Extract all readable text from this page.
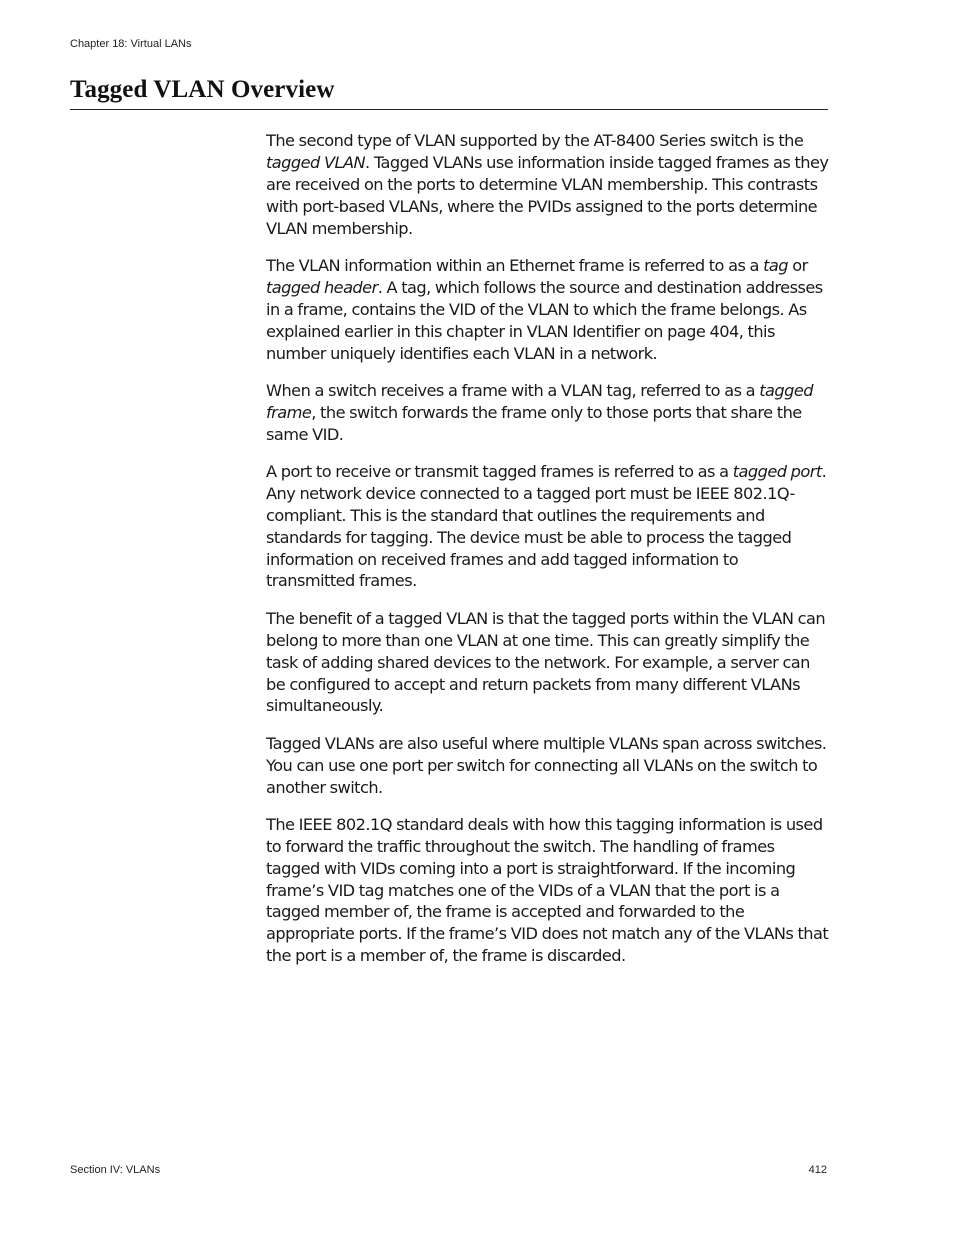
Chapter 18: Virtual LANs
Tagged VLAN Overview

The second type of VLAN supported by the AT-8400 Series switch is the tagged VLAN. Tagged VLANs use information inside tagged frames as they are received on the ports to determine VLAN membership. This contrasts with port-based VLANs, where the PVIDs assigned to the ports determine VLAN membership.

The VLAN information within an Ethernet frame is referred to as a tag or tagged header. A tag, which follows the source and destination addresses in a frame, contains the VID of the VLAN to which the frame belongs. As explained earlier in this chapter in VLAN Identifier on page 404, this number uniquely identifies each VLAN in a network.

When a switch receives a frame with a VLAN tag, referred to as a tagged frame, the switch forwards the frame only to those ports that share the same VID.

A port to receive or transmit tagged frames is referred to as a tagged port. Any network device connected to a tagged port must be IEEE 802.1Q-compliant. This is the standard that outlines the requirements and standards for tagging. The device must be able to process the tagged information on received frames and add tagged information to transmitted frames.

The benefit of a tagged VLAN is that the tagged ports within the VLAN can belong to more than one VLAN at one time. This can greatly simplify the task of adding shared devices to the network. For example, a server can be configured to accept and return packets from many different VLANs simultaneously.

Tagged VLANs are also useful where multiple VLANs span across switches. You can use one port per switch for connecting all VLANs on the switch to another switch.

The IEEE 802.1Q standard deals with how this tagging information is used to forward the traffic throughout the switch. The handling of frames tagged with VIDs coming into a port is straightforward. If the incoming frame’s VID tag matches one of the VIDs of a VLAN that the port is a tagged member of, the frame is accepted and forwarded to the appropriate ports. If the frame’s VID does not match any of the VLANs that the port is a member of, the frame is discarded.

Section IV: VLANs	412
